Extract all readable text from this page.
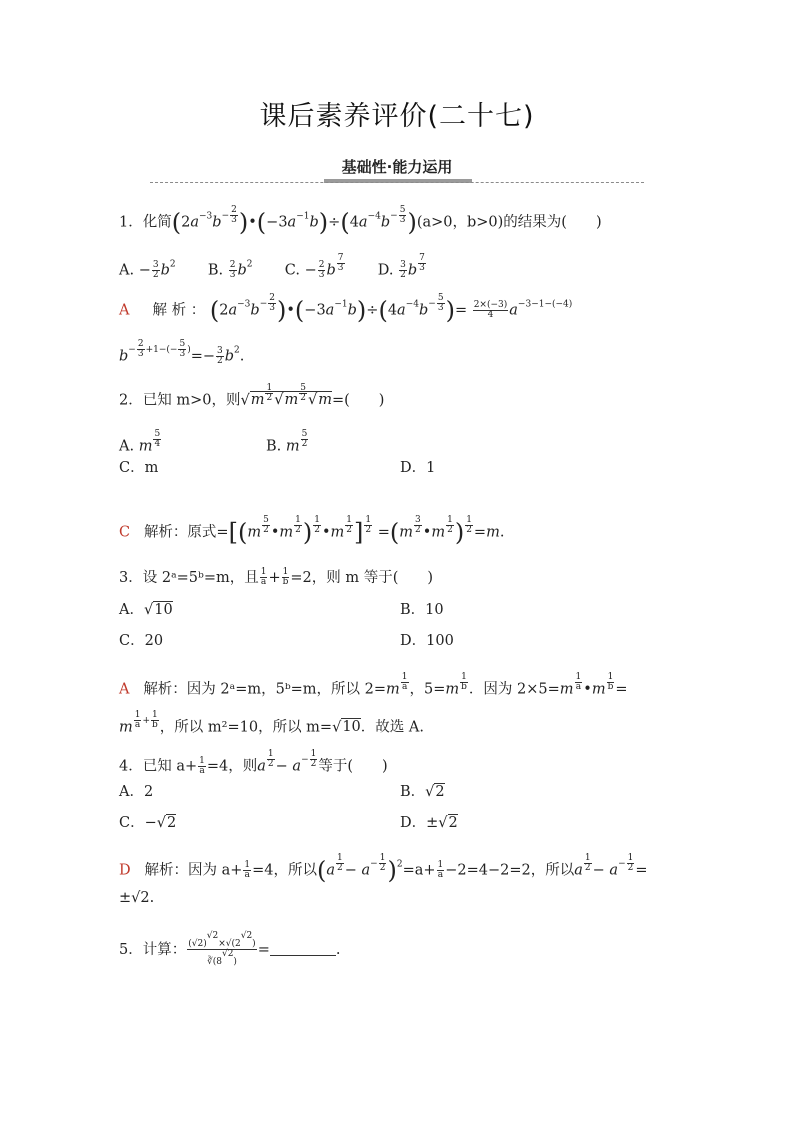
课后素养评价(二十七)
基础性·能力运用
1．化简($2a^{-3}b^{- \frac{2}{3}}$ )$•(-3a^{-1}b)\div(4a^{-4}b^{- \frac{5}{3}}$ )(a>0，b>0)的结果为(　　)
A. − $\frac{3}{2} b^2$ B. $\frac{2}{3} b^2$ C. − $\frac{2}{3}$ b $^{\frac{7}{3}}$ D. $\frac{3}{2}$ b $^{\frac{7}{3}}$
A 解 析 ： ($2a^{-3}b^{- \frac{2}{3}}$ )$•(-3a^{-1}b)\div(4a^{-4}b^{- \frac{5}{3}}$ )= $\frac{2\times(-3)}{4} a^{-3-1-(-4)}$
$b^{- \frac{2}{3} +1-(- \frac{5}{3} )}=- \frac{3}{2} b^2$.
2．已知 m>0，则√m $^{\frac{1}{2}}$ √m $^{\frac{5}{2}}$ √m=(　　)
A. m $^{\frac{5}{4}}$	B. m $^{\frac{5}{2}}$
C．m	D．1
C 解析：原式=[(m $^{\frac{5}{2}}$ •m $^{\frac{1}{2}}$ ) $^{\frac{1}{2}}$ •m $^{\frac{1}{2}}$ ] $^{\frac{1}{2}}$ =(m $^{\frac{3}{2}}$ •m $^{\frac{1}{2}}$ ) $^{\frac{1}{2}}$ =m.
3．设 2ᵃ=5ᵇ=m，且 $\frac{1}{a} + \frac{1}{b} =2$，则 m 等于(　　)
A．√10	B．10
C．20	D．100
A 解析：因为 2ᵃ=m，5ᵇ=m，所以 2=m $^{\frac{1}{a}}$ ，5=m $^{\frac{1}{b}}$ ．因为 2×5=m $^{\frac{1}{a}}$ •m $^{\frac{1}{b}}$ =
m $^{\frac{1}{a} + \frac{1}{b}}$ ，所以 m²=10，所以 m=√10．故选 A.
4．已知 $a+ \frac{1}{a} =4$，则a $^{\frac{1}{2}} - a^{- \frac{1}{2}}$ 等于(　　)
A．2	B．√2
C．−√2	D．±√2
D 解析：因为 $a+ \frac{1}{a} =4$，所以(a $^{\frac{1}{2}} - a^{- \frac{1}{2}}$ )$^2=a+ \frac{1}{a} -2=4-2=2$，所以a $^{\frac{1}{2}} - a^{- \frac{1}{2}}$ =
±√2.
5．计算： $\frac{(√2)^{√2}\times√(2^{√2})}{∛(8^{√2})}$ =	.
